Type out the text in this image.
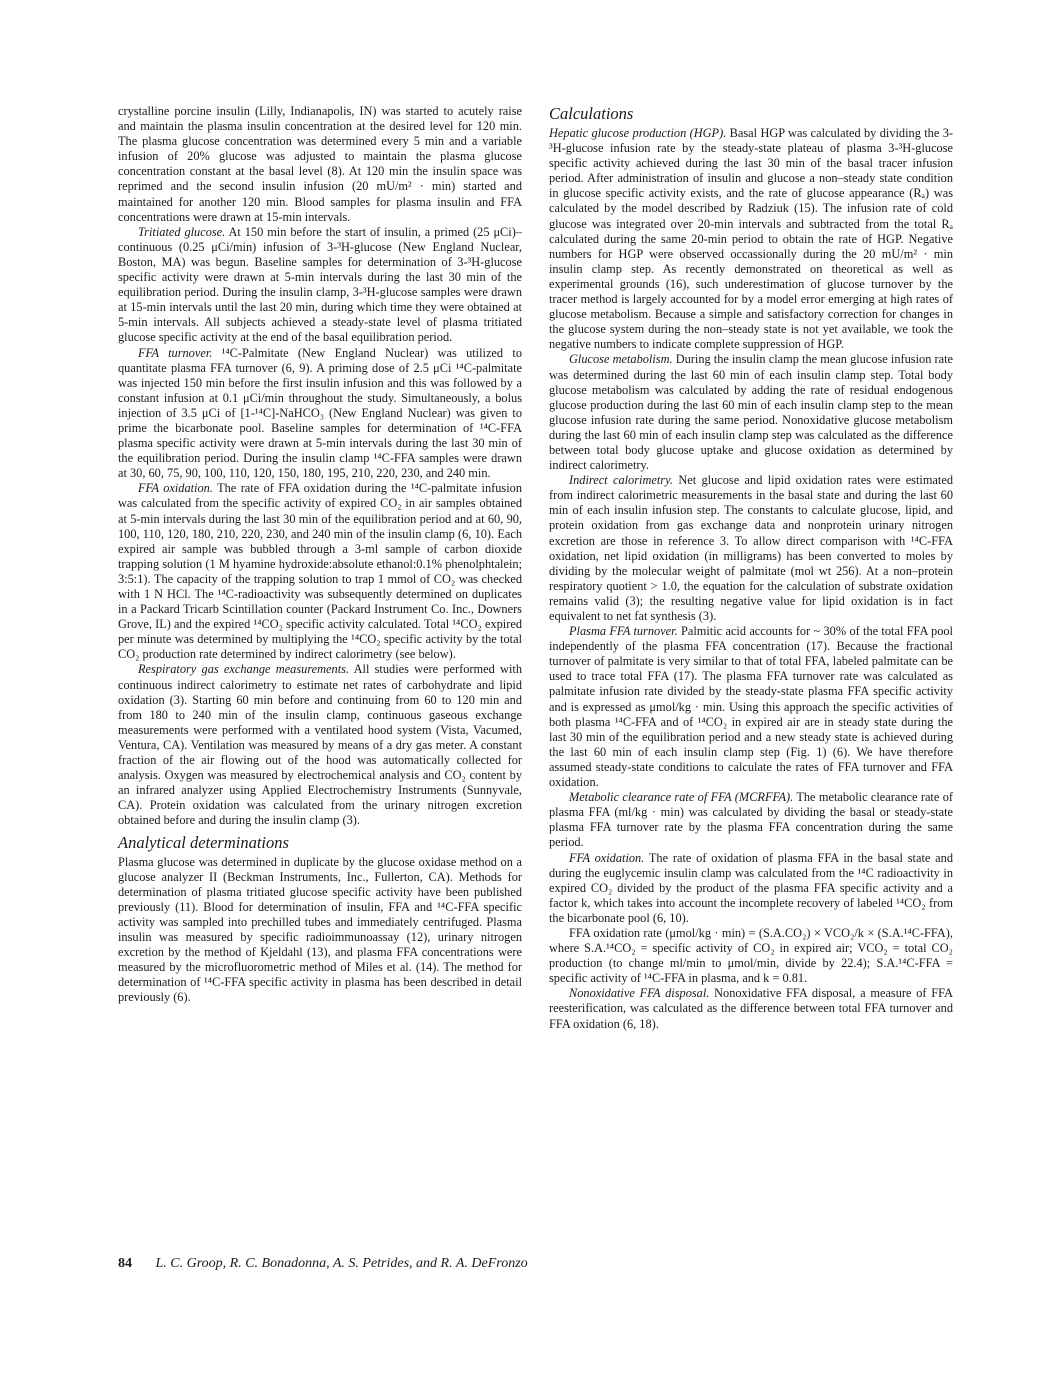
crystalline porcine insulin (Lilly, Indianapolis, IN) was started to acutely raise and maintain the plasma insulin concentration at the desired level for 120 min. The plasma glucose concentration was determined every 5 min and a variable infusion of 20% glucose was adjusted to maintain the plasma glucose concentration constant at the basal level (8). At 120 min the insulin space was reprimed and the second insulin infusion (20 mU/m² · min) started and maintained for another 120 min. Blood samples for plasma insulin and FFA concentrations were drawn at 15-min intervals.

Tritiated glucose. At 150 min before the start of insulin, a primed (25 μCi)–continuous (0.25 μCi/min) infusion of 3-³H-glucose (New England Nuclear, Boston, MA) was begun. Baseline samples for determination of 3-³H-glucose specific activity were drawn at 5-min intervals during the last 30 min of the equilibration period. During the insulin clamp, 3-³H-glucose samples were drawn at 15-min intervals until the last 20 min, during which time they were obtained at 5-min intervals. All subjects achieved a steady-state level of plasma tritiated glucose specific activity at the end of the basal equilibration period.

FFA turnover. ¹⁴C-Palmitate (New England Nuclear) was utilized to quantitate plasma FFA turnover (6, 9). A priming dose of 2.5 μCi ¹⁴C-palmitate was injected 150 min before the first insulin infusion and this was followed by a constant infusion at 0.1 μCi/min throughout the study. Simultaneously, a bolus injection of 3.5 μCi of [1-¹⁴C]-NaHCO₃ (New England Nuclear) was given to prime the bicarbonate pool. Baseline samples for determination of ¹⁴C-FFA plasma specific activity were drawn at 5-min intervals during the last 30 min of the equilibration period. During the insulin clamp ¹⁴C-FFA samples were drawn at 30, 60, 75, 90, 100, 110, 120, 150, 180, 195, 210, 220, 230, and 240 min.

FFA oxidation. The rate of FFA oxidation during the ¹⁴C-palmitate infusion was calculated from the specific activity of expired CO₂ in air samples obtained at 5-min intervals during the last 30 min of the equilibration period and at 60, 90, 100, 110, 120, 180, 210, 220, 230, and 240 min of the insulin clamp (6, 10). Each expired air sample was bubbled through a 3-ml sample of carbon dioxide trapping solution (1 M hyamine hydroxide:absolute ethanol:0.1% phenolphtalein; 3:5:1). The capacity of the trapping solution to trap 1 mmol of CO₂ was checked with 1 N HCl. The ¹⁴C-radioactivity was subsequently determined on duplicates in a Packard Tricarb Scintillation counter (Packard Instrument Co. Inc., Downers Grove, IL) and the expired ¹⁴CO₂ specific activity calculated. Total ¹⁴CO₂ expired per minute was determined by multiplying the ¹⁴CO₂ specific activity by the total CO₂ production rate determined by indirect calorimetry (see below).

Respiratory gas exchange measurements. All studies were performed with continuous indirect calorimetry to estimate net rates of carbohydrate and lipid oxidation (3). Starting 60 min before and continuing from 60 to 120 min and from 180 to 240 min of the insulin clamp, continuous gaseous exchange measurements were performed with a ventilated hood system (Vista, Vacumed, Ventura, CA). Ventilation was measured by means of a dry gas meter. A constant fraction of the air flowing out of the hood was automatically collected for analysis. Oxygen was measured by electrochemical analysis and CO₂ content by an infrared analyzer using Applied Electrochemistry Instruments (Sunnyvale, CA). Protein oxidation was calculated from the urinary nitrogen excretion obtained before and during the insulin clamp (3).

Analytical determinations

Plasma glucose was determined in duplicate by the glucose oxidase method on a glucose analyzer II (Beckman Instruments, Inc., Fullerton, CA). Methods for determination of plasma tritiated glucose specific activity have been published previously (11). Blood for determination of insulin, FFA and ¹⁴C-FFA specific activity was sampled into prechilled tubes and immediately centrifuged. Plasma insulin was measured by specific radioimmunoassay (12), urinary nitrogen excretion by the method of Kjeldahl (13), and plasma FFA concentrations were measured by the microfluorometric method of Miles et al. (14). The method for determination of ¹⁴C-FFA specific activity in plasma has been described in detail previously (6).

Calculations

Hepatic glucose production (HGP). Basal HGP was calculated by dividing the 3-³H-glucose infusion rate by the steady-state plateau of plasma 3-³H-glucose specific activity achieved during the last 30 min of the basal tracer infusion period. After administration of insulin and glucose a non–steady state condition in glucose specific activity exists, and the rate of glucose appearance (Rₐ) was calculated by the model described by Radziuk (15). The infusion rate of cold glucose was integrated over 20-min intervals and subtracted from the total Rₐ calculated during the same 20-min period to obtain the rate of HGP. Negative numbers for HGP were observed occassionally during the 20 mU/m² · min insulin clamp step. As recently demonstrated on theoretical as well as experimental grounds (16), such underestimation of glucose turnover by the tracer method is largely accounted for by a model error emerging at high rates of glucose metabolism. Because a simple and satisfactory correction for changes in the glucose system during the non–steady state is not yet available, we took the negative numbers to indicate complete suppression of HGP.

Glucose metabolism. During the insulin clamp the mean glucose infusion rate was determined during the last 60 min of each insulin clamp step. Total body glucose metabolism was calculated by adding the rate of residual endogenous glucose production during the last 60 min of each insulin clamp step to the mean glucose infusion rate during the same period. Nonoxidative glucose metabolism during the last 60 min of each insulin clamp step was calculated as the difference between total body glucose uptake and glucose oxidation as determined by indirect calorimetry.

Indirect calorimetry. Net glucose and lipid oxidation rates were estimated from indirect calorimetric measurements in the basal state and during the last 60 min of each insulin infusion step. The constants to calculate glucose, lipid, and protein oxidation from gas exchange data and nonprotein urinary nitrogen excretion are those in reference 3. To allow direct comparison with ¹⁴C-FFA oxidation, net lipid oxidation (in milligrams) has been converted to moles by dividing by the molecular weight of palmitate (mol wt 256). At a non–protein respiratory quotient > 1.0, the equation for the calculation of substrate oxidation remains valid (3); the resulting negative value for lipid oxidation is in fact equivalent to net fat synthesis (3).

Plasma FFA turnover. Palmitic acid accounts for ~ 30% of the total FFA pool independently of the plasma FFA concentration (17). Because the fractional turnover of palmitate is very similar to that of total FFA, labeled palmitate can be used to trace total FFA (17). The plasma FFA turnover rate was calculated as palmitate infusion rate divided by the steady-state plasma FFA specific activity and is expressed as μmol/kg · min. Using this approach the specific activities of both plasma ¹⁴C-FFA and of ¹⁴CO₂ in expired air are in steady state during the last 30 min of the equilibration period and a new steady state is achieved during the last 60 min of each insulin clamp step (Fig. 1) (6). We have therefore assumed steady-state conditions to calculate the rates of FFA turnover and FFA oxidation.

Metabolic clearance rate of FFA (MCRFFA). The metabolic clearance rate of plasma FFA (ml/kg · min) was calculated by dividing the basal or steady-state plasma FFA turnover rate by the plasma FFA concentration during the same period.

FFA oxidation. The rate of oxidation of plasma FFA in the basal state and during the euglycemic insulin clamp was calculated from the ¹⁴C radioactivity in expired CO₂ divided by the product of the plasma FFA specific activity and a factor k, which takes into account the incomplete recovery of labeled ¹⁴CO₂ from the bicarbonate pool (6, 10).

FFA oxidation rate (μmol/kg · min) = (S.A.CO₂) × VCO₂/k × (S.A.¹⁴C-FFA), where S.A.¹⁴CO₂ = specific activity of CO₂ in expired air; VCO₂ = total CO₂ production (to change ml/min to μmol/min, divide by 22.4); S.A.¹⁴C-FFA = specific activity of ¹⁴C-FFA in plasma, and k = 0.81.

Nonoxidative FFA disposal. Nonoxidative FFA disposal, a measure of FFA reesterification, was calculated as the difference between total FFA turnover and FFA oxidation (6, 18).

84 L. C. Groop, R. C. Bonadonna, A. S. Petrides, and R. A. DeFronzo
